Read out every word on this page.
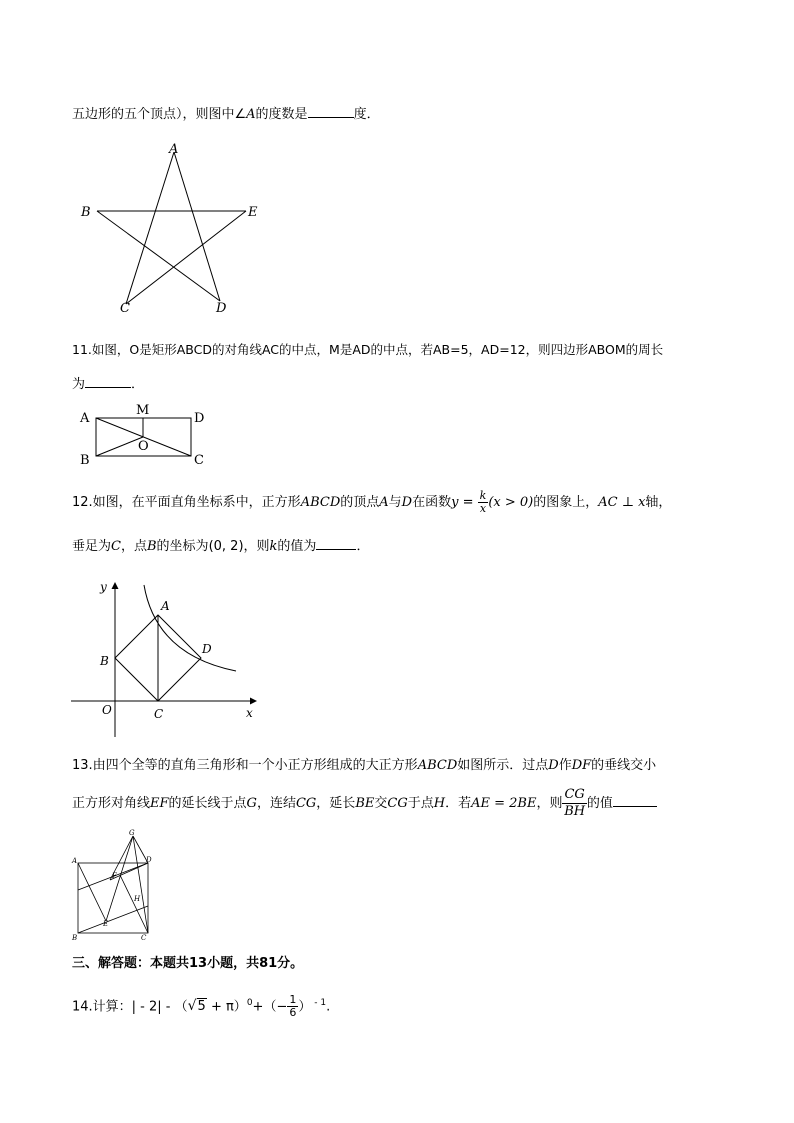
五边形的五个顶点），则图中∠A的度数是	度．
A
B	E
C	D
11.如图，O是矩形ABCD的对角线AC的中点，M是AD的中点，若AB=5，AD=12，则四边形ABOM的周长
为	．
A
M
D
O
B	C
12.如图，在平面直角坐标系中，正方形ABCD的顶点A与D在函数$y = \frac{k}{x} (x > 0)$的图象上，AC ⊥ x轴，
垂足为C，点B的坐标为(0, 2)，则k的值为	．
y
x
O
A
B
C
D
13.由四个全等的直角三角形和一个小正方形组成的大正方形ABCD如图所示．过点D作DF的垂线交小
正方形对角线EF的延长线于点G，连结CG，延长BE交CG于点H．若AE = 2BE，则 $\frac{CG}{BH}$ 的值
A	D
G
F
H
E
B	C
三、解答题：本题共13小题，共81分。
14.计算：| - $2| - (√5 + \pi)^0+(- \frac{1}{6}$ ） $^{- 1}$.
